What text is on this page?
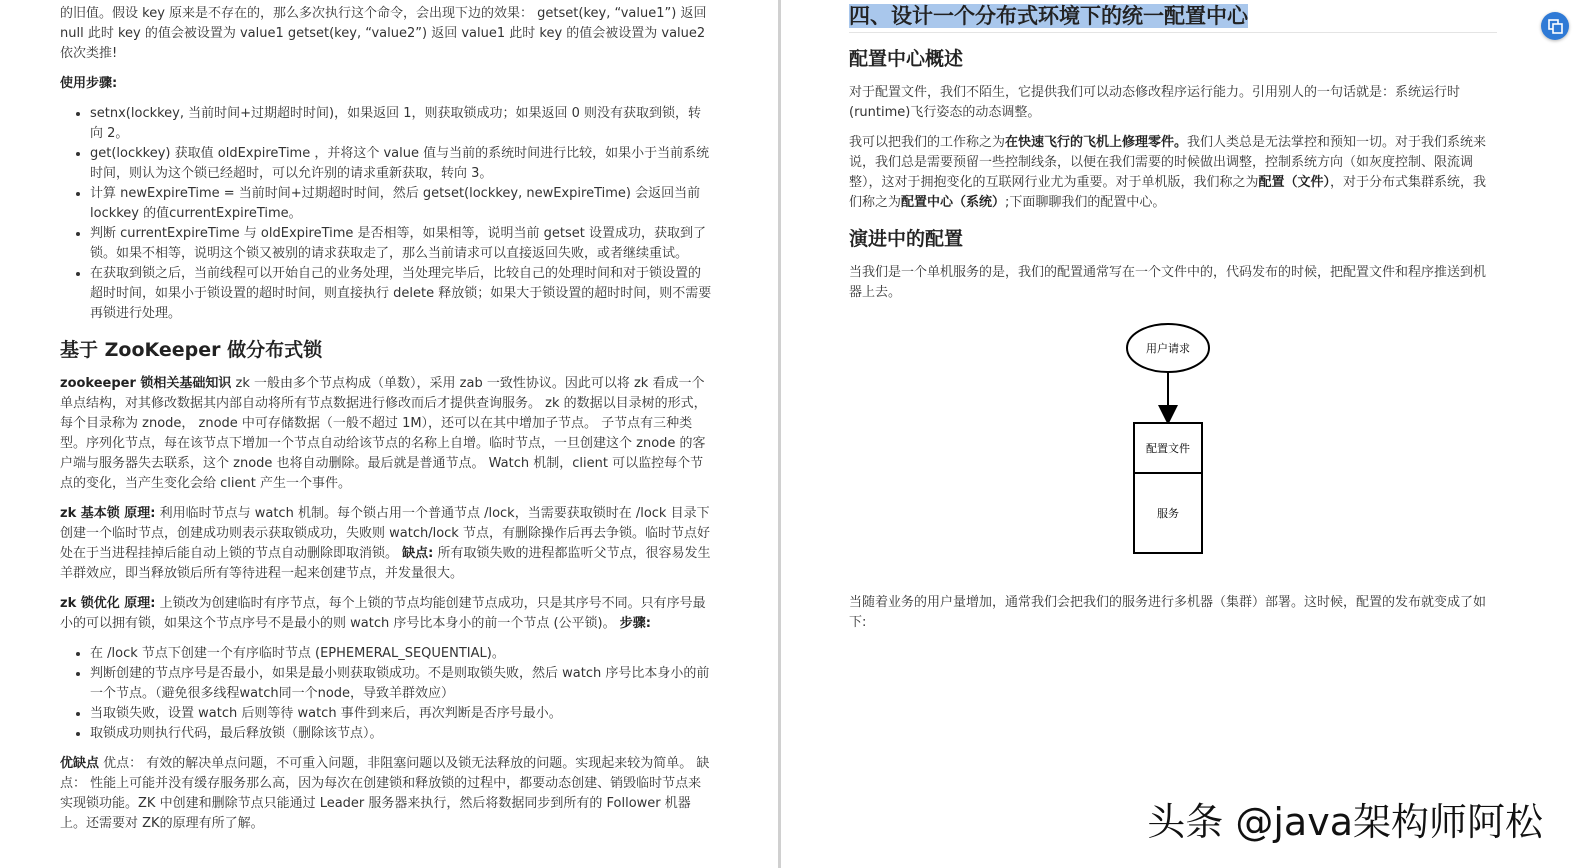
的旧值。假设 key 原来是不存在的，那么多次执行这个命令，会出现下边的效果： getset(key, “value1”) 返回 null 此时 key 的值会被设置为 value1 getset(key, “value2”) 返回 value1 此时 key 的值会被设置为 value2 依次类推!

使用步骤:

• setnx(lockkey, 当前时间+过期超时时间)，如果返回 1，则获取锁成功；如果返回 0 则没有获取到锁，转向 2。
• get(lockkey) 获取值 oldExpireTime ，并将这个 value 值与当前的系统时间进行比较，如果小于当前系统时间，则认为这个锁已经超时，可以允许别的请求重新获取，转向 3。
• 计算 newExpireTime = 当前时间+过期超时时间，然后 getset(lockkey, newExpireTime) 会返回当前 lockkey 的值currentExpireTime。
• 判断 currentExpireTime 与 oldExpireTime 是否相等，如果相等，说明当前 getset 设置成功，获取到了锁。如果不相等，说明这个锁又被别的请求获取走了，那么当前请求可以直接返回失败，或者继续重试。
• 在获取到锁之后，当前线程可以开始自己的业务处理，当处理完毕后，比较自己的处理时间和对于锁设置的超时时间，如果小于锁设置的超时时间，则直接执行 delete 释放锁；如果大于锁设置的超时时间，则不需要再锁进行处理。
基于 ZooKeeper 做分布式锁

zookeeper 锁相关基础知识 zk 一般由多个节点构成（单数），采用 zab 一致性协议。因此可以将 zk 看成一个单点结构，对其修改数据其内部自动将所有节点数据进行修改而后才提供查询服务。 zk 的数据以目录树的形式，每个目录称为 znode， znode 中可存储数据（一般不超过 1M），还可以在其中增加子节点。 子节点有三种类型。序列化节点，每在该节点下增加一个节点自动给该节点的名称上自增。临时节点，一旦创建这个 znode 的客户端与服务器失去联系，这个 znode 也将自动删除。最后就是普通节点。 Watch 机制，client 可以监控每个节点的变化，当产生变化会给 client 产生一个事件。

zk 基本锁 原理: 利用临时节点与 watch 机制。每个锁占用一个普通节点 /lock，当需要获取锁时在 /lock 目录下创建一个临时节点，创建成功则表示获取锁成功，失败则 watch/lock 节点，有删除操作后再去争锁。临时节点好处在于当进程挂掉后能自动上锁的节点自动删除即取消锁。 缺点: 所有取锁失败的进程都监听父节点，很容易发生羊群效应，即当释放锁后所有等待进程一起来创建节点，并发量很大。

zk 锁优化 原理: 上锁改为创建临时有序节点，每个上锁的节点均能创建节点成功，只是其序号不同。只有序号最小的可以拥有锁，如果这个节点序号不是最小的则 watch 序号比本身小的前一个节点 (公平锁)。 步骤:

• 在 /lock 节点下创建一个有序临时节点 (EPHEMERAL_SEQUENTIAL)。
• 判断创建的节点序号是否最小，如果是最小则获取锁成功。不是则取锁失败，然后 watch 序号比本身小的前一个节点。（避免很多线程watch同一个node，导致羊群效应）
• 当取锁失败，设置 watch 后则等待 watch 事件到来后，再次判断是否序号最小。
• 取锁成功则执行代码，最后释放锁（删除该节点）。

优缺点 优点： 有效的解决单点问题，不可重入问题，非阻塞问题以及锁无法释放的问题。实现起来较为简单。 缺点： 性能上可能并没有缓存服务那么高，因为每次在创建锁和释放锁的过程中，都要动态创建、销毁临时节点来实现锁功能。ZK 中创建和删除节点只能通过 Leader 服务器来执行，然后将数据同步到所有的 Follower 机器上。还需要对 ZK的原理有所了解。

四、设计一个分布式环境下的统一配置中心
配置中心概述

对于配置文件，我们不陌生，它提供我们可以动态修改程序运行能力。引用别人的一句话就是：系统运行时(runtime)飞行姿态的动态调整。

我可以把我们的工作称之为在快速飞行的飞机上修理零件。我们人类总是无法掌控和预知一切。对于我们系统来说，我们总是需要预留一些控制线条，以便在我们需要的时候做出调整，控制系统方向（如灰度控制、限流调整），这对于拥抱变化的互联网行业尤为重要。对于单机版，我们称之为配置（文件），对于分布式集群系统，我们称之为配置中心（系统）;下面聊聊我们的配置中心。

演进中的配置

当我们是一个单机服务的是，我们的配置通常写在一个文件中的，代码发布的时候，把配置文件和程序推送到机器上去。

用户请求
配置文件
服务

当随着业务的用户量增加，通常我们会把我们的服务进行多机器（集群）部署。这时候，配置的发布就变成了如下:

头条 @java架构师阿松
